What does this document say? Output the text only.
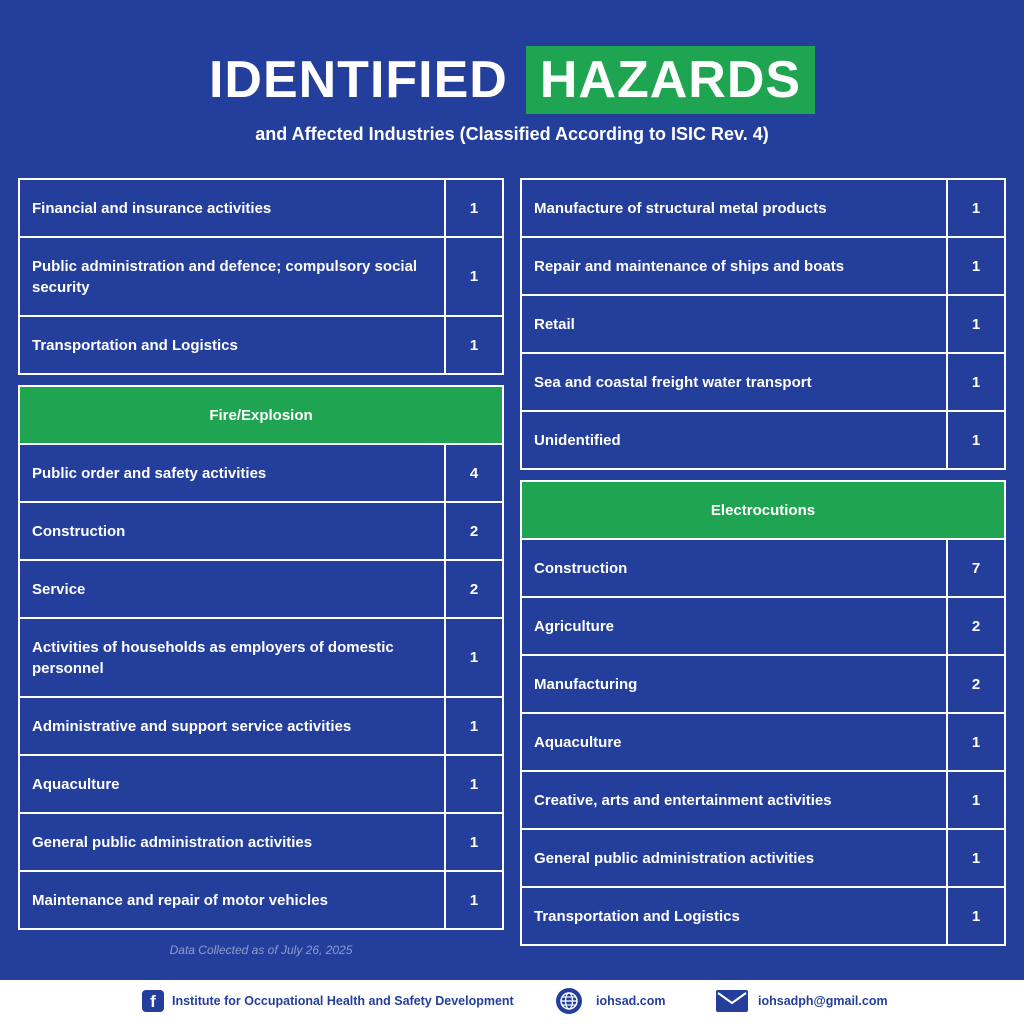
IDENTIFIED HAZARDS
and Affected Industries (Classified According to ISIC Rev. 4)
Financial and insurance activities	1
Public administration and defence; compulsory social security
1
Transportation and Logistics	1
Fire/Explosion
Public order and safety activities	4
Construction	2
Service	2
Activities of households as employers of domestic personnel
1
Administrative and support service activities	1
Aquaculture	1
General public administration activities	1
Maintenance and repair of motor vehicles	1
Manufacture of structural metal products	1
Repair and maintenance of ships and boats	1
Retail	1
Sea and coastal freight water transport	1
Unidentified	1
Electrocutions
Construction	7
Agriculture	2
Manufacturing	2
Aquaculture	1
Creative, arts and entertainment activities	1
General public administration activities	1
Transportation and Logistics	1
Data Collected as of July 26, 2025
f	Institute for Occupational Health and Safety Development	iohsad.com	iohsadph@gmail.com
